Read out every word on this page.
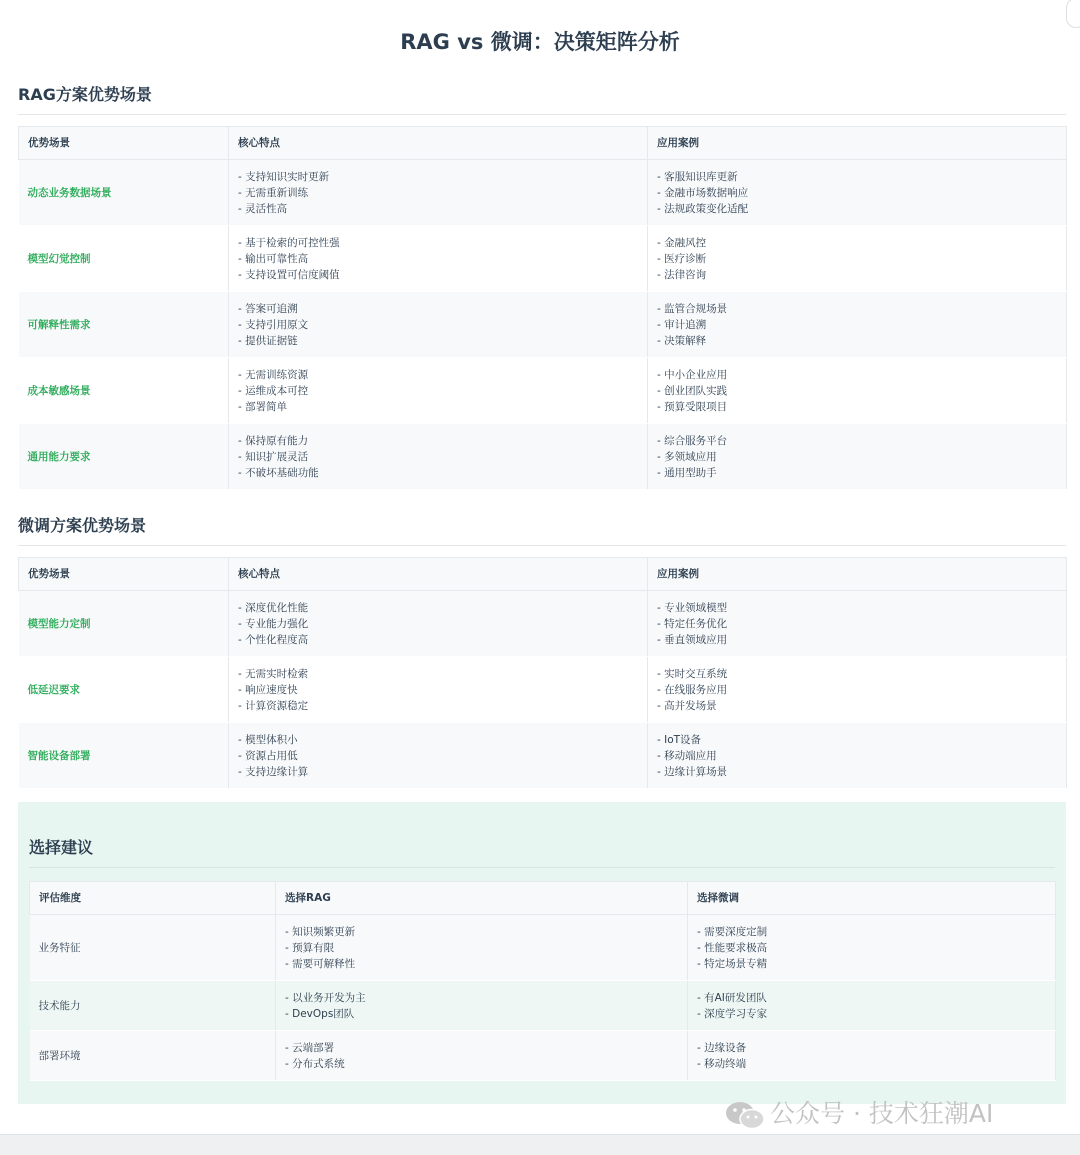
RAG vs 微调：决策矩阵分析
RAG方案优势场景
优势场景	核心特点	应用案例
动态业务数据场景	- 支持知识实时更新
- 无需重新训练
- 灵活性高	- 客服知识库更新
- 金融市场数据响应
- 法规政策变化适配

模型幻觉控制	- 基于检索的可控性强
- 输出可靠性高
- 支持设置可信度阈值	- 金融风控
- 医疗诊断
- 法律咨询

可解释性需求	- 答案可追溯
- 支持引用原文
- 提供证据链	- 监管合规场景
- 审计追溯
- 决策解释

成本敏感场景	- 无需训练资源
- 运维成本可控
- 部署简单	- 中小企业应用
- 创业团队实践
- 预算受限项目

通用能力要求	- 保持原有能力
- 知识扩展灵活
- 不破坏基础功能	- 综合服务平台
- 多领域应用
- 通用型助手
微调方案优势场景
优势场景	核心特点	应用案例
模型能力定制	- 深度优化性能
- 专业能力强化
- 个性化程度高	- 专业领域模型
- 特定任务优化
- 垂直领域应用

低延迟要求	- 无需实时检索
- 响应速度快
- 计算资源稳定	- 实时交互系统
- 在线服务应用
- 高并发场景

智能设备部署	- 模型体积小
- 资源占用低
- 支持边缘计算	- IoT设备
- 移动端应用
- 边缘计算场景
选择建议
评估维度	选择RAG	选择微调
业务特征	- 知识频繁更新
- 预算有限
- 需要可解释性	- 需要深度定制
- 性能要求极高
- 特定场景专精

技术能力	- 以业务开发为主
- DevOps团队	- 有AI研发团队
- 深度学习专家

部署环境	- 云端部署
- 分布式系统	- 边缘设备
- 移动终端
公众号 · 技术狂潮AI
